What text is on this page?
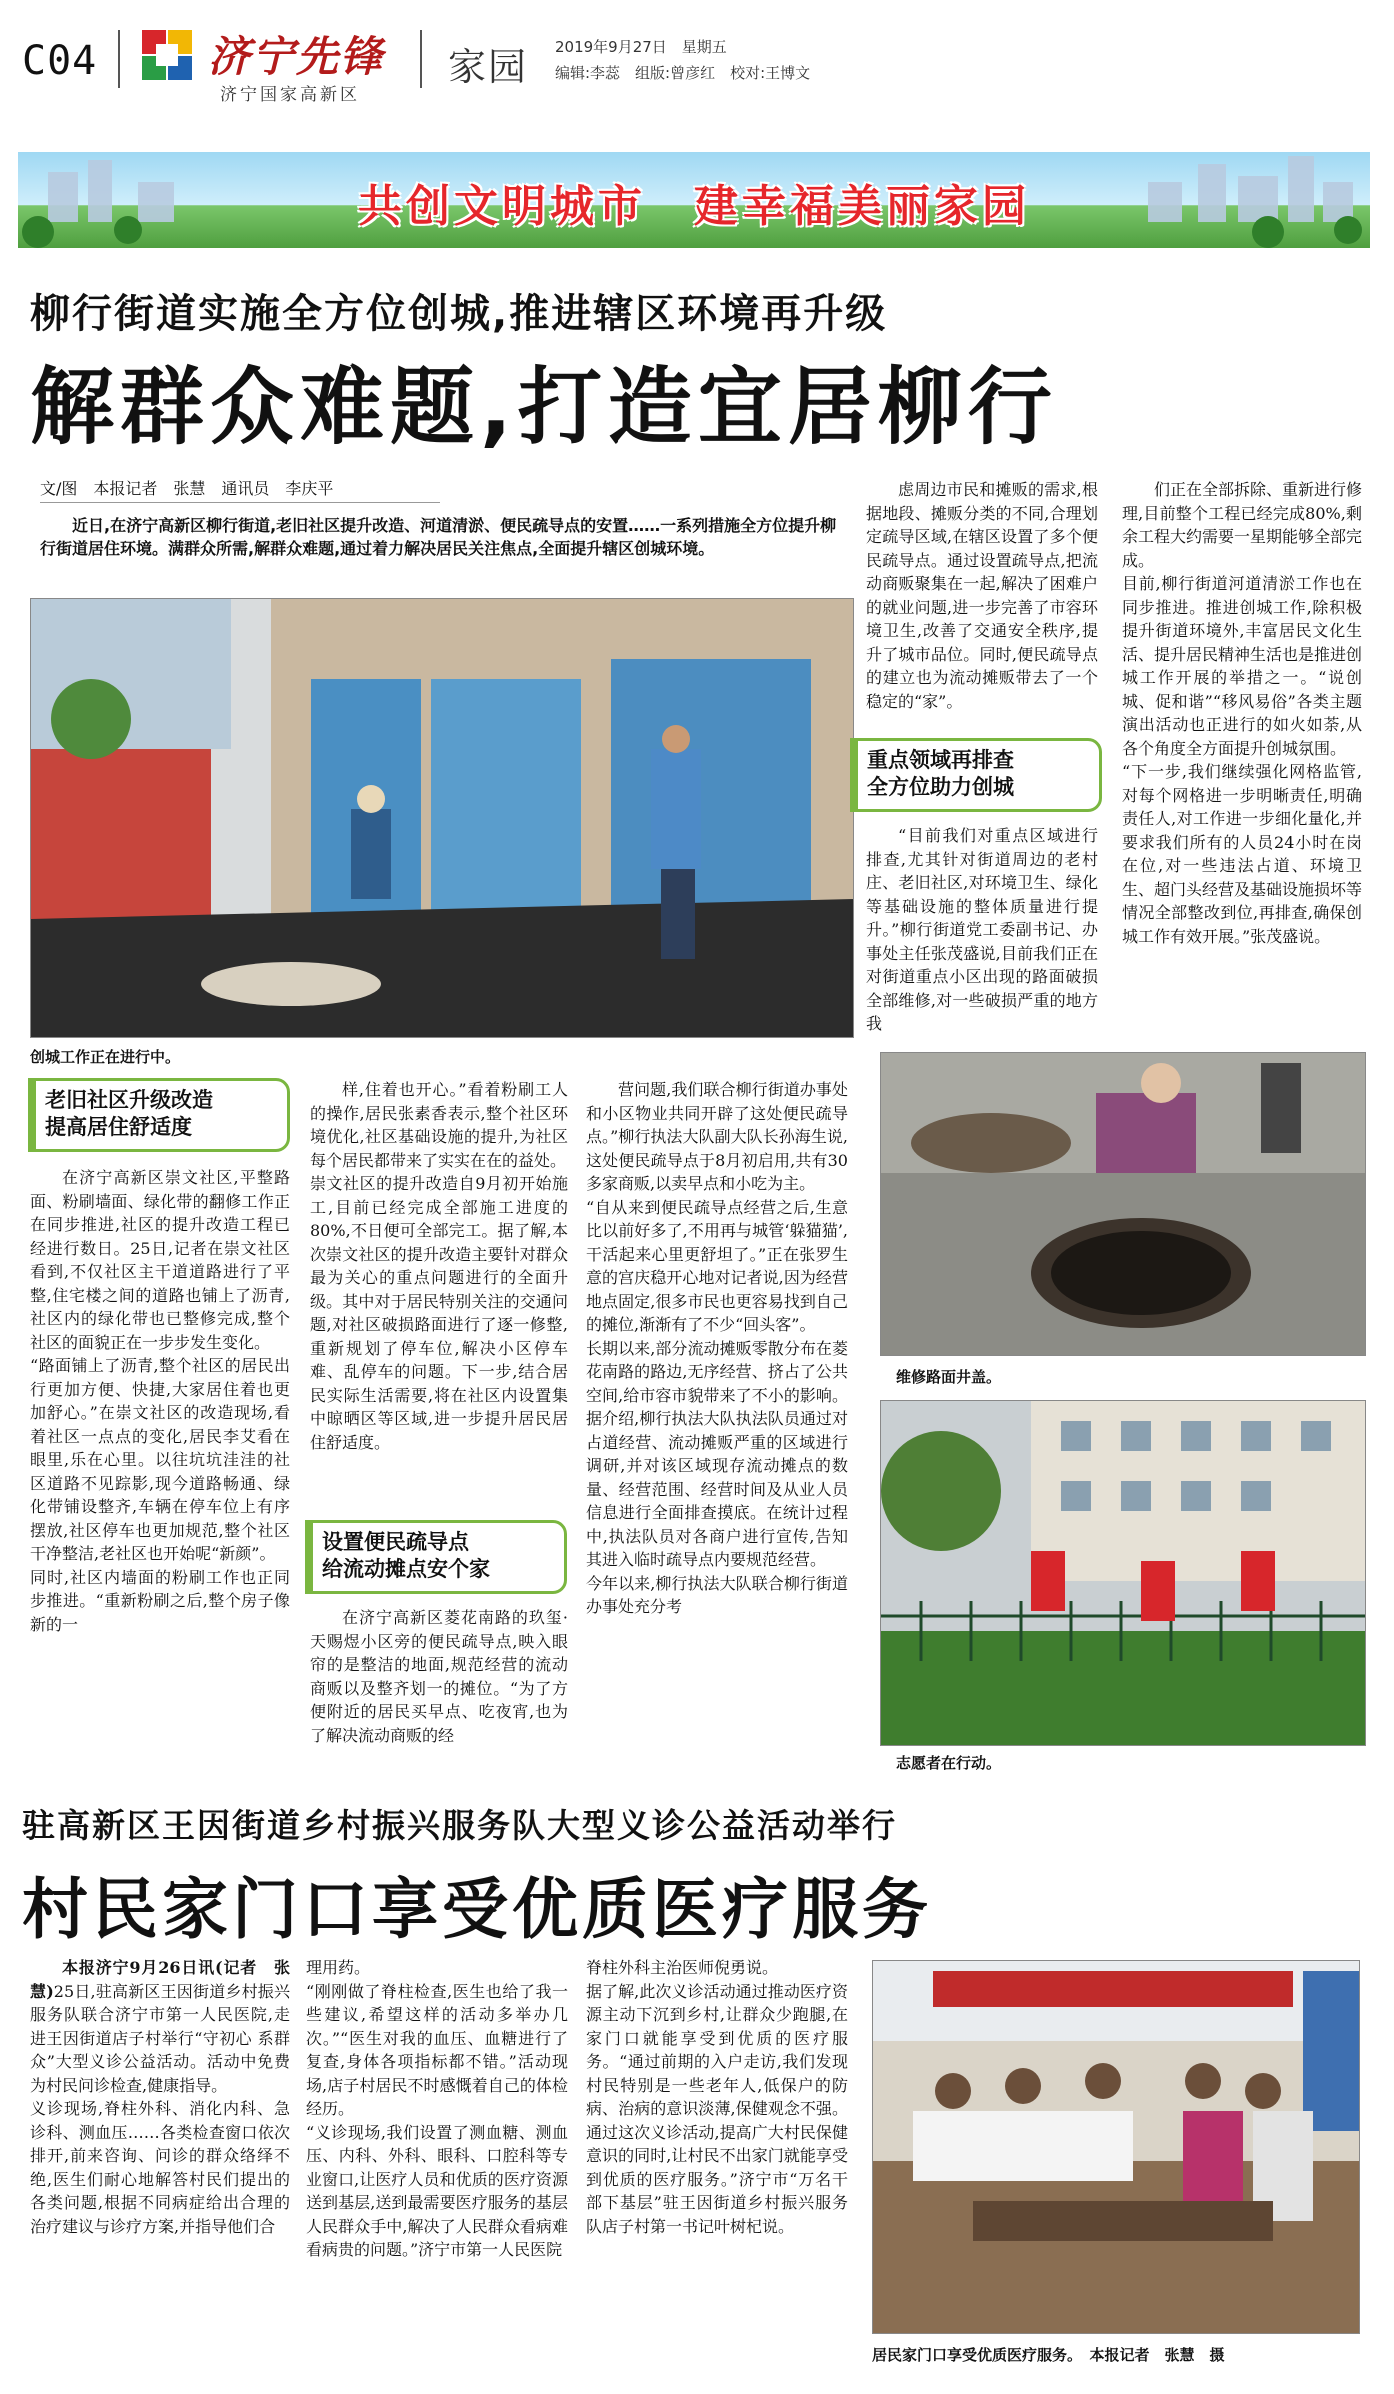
C04	济宁先锋
济宁国家高新区
家园 2019年9月27日　星期五
编辑:李蕊　组版:曾彦红　校对:王博文
共创文明城市　建幸福美丽家园
柳行街道实施全方位创城,推进辖区环境再升级
解群众难题,打造宜居柳行
文/图　本报记者　张慧　通讯员　李庆平
近日,在济宁高新区柳行街道,老旧社区提升改造、河道清淤、便民疏导点的安置……一系列措施全方位提升柳行街道居住环境。满群众所需,解群众难题,通过着力解决居民关注焦点,全面提升辖区创城环境。
创城工作正在进行中。
老旧社区升级改造
提高居住舒适度
在济宁高新区崇文社区,平整路面、粉刷墙面、绿化带的翻修工作正在同步推进,社区的提升改造工程已经进行数日。25日,记者在崇文社区看到,不仅社区主干道道路进行了平整,住宅楼之间的道路也铺上了沥青,社区内的绿化带也已整修完成,整个社区的面貌正在一步步发生变化。
“路面铺上了沥青,整个社区的居民出行更加方便、快捷,大家居住着也更加舒心。”在崇文社区的改造现场,看着社区一点点的变化,居民李艾看在眼里,乐在心里。以往坑坑洼洼的社区道路不见踪影,现今道路畅通、绿化带铺设整齐,车辆在停车位上有序摆放,社区停车也更加规范,整个社区干净整洁,老社区也开始呢“新颜”。
同时,社区内墙面的粉刷工作也正同步推进。“重新粉刷之后,整个房子像新的一
样,住着也开心。”看着粉刷工人的操作,居民张素香表示,整个社区环境优化,社区基础设施的提升,为社区每个居民都带来了实实在在的益处。
崇文社区的提升改造自9月初开始施工,目前已经完成全部施工进度的80%,不日便可全部完工。据了解,本次崇文社区的提升改造主要针对群众最为关心的重点问题进行的全面升级。其中对于居民特别关注的交通问题,对社区破损路面进行了逐一修整,重新规划了停车位,解决小区停车难、乱停车的问题。下一步,结合居民实际生活需要,将在社区内设置集中晾晒区等区域,进一步提升居民居住舒适度。
设置便民疏导点
给流动摊点安个家
在济宁高新区菱花南路的玖玺·天赐煜小区旁的便民疏导点,映入眼帘的是整洁的地面,规范经营的流动商贩以及整齐划一的摊位。“为了方便附近的居民买早点、吃夜宵,也为了解决流动商贩的经
营问题,我们联合柳行街道办事处和小区物业共同开辟了这处便民疏导点。”柳行执法大队副大队长孙海生说,这处便民疏导点于8月初启用,共有30多家商贩,以卖早点和小吃为主。
“自从来到便民疏导点经营之后,生意比以前好多了,不用再与城管‘躲猫猫’,干活起来心里更舒坦了。”正在张罗生意的宫庆稳开心地对记者说,因为经营地点固定,很多市民也更容易找到自己的摊位,渐渐有了不少“回头客”。
长期以来,部分流动摊贩零散分布在菱花南路的路边,无序经营、挤占了公共空间,给市容市貌带来了不小的影响。据介绍,柳行执法大队执法队员通过对占道经营、流动摊贩严重的区域进行调研,并对该区域现存流动摊点的数量、经营范围、经营时间及从业人员信息进行全面排查摸底。在统计过程中,执法队员对各商户进行宣传,告知其进入临时疏导点内要规范经营。
今年以来,柳行执法大队联合柳行街道办事处充分考
虑周边市民和摊贩的需求,根据地段、摊贩分类的不同,合理划定疏导区域,在辖区设置了多个便民疏导点。通过设置疏导点,把流动商贩聚集在一起,解决了困难户的就业问题,进一步完善了市容环境卫生,改善了交通安全秩序,提升了城市品位。同时,便民疏导点的建立也为流动摊贩带去了一个稳定的“家”。
重点领域再排查
全方位助力创城
“目前我们对重点区域进行排查,尤其针对街道周边的老村庄、老旧社区,对环境卫生、绿化等基础设施的整体质量进行提升。”柳行街道党工委副书记、办事处主任张茂盛说,目前我们正在对街道重点小区出现的路面破损全部维修,对一些破损严重的地方我
们正在全部拆除、重新进行修理,目前整个工程已经完成80%,剩余工程大约需要一星期能够全部完成。
目前,柳行街道河道清淤工作也在同步推进。推进创城工作,除积极提升街道环境外,丰富居民文化生活、提升居民精神生活也是推进创城工作开展的举措之一。“说创城、促和谐”“移风易俗”各类主题演出活动也正进行的如火如荼,从各个角度全方面提升创城氛围。
“下一步,我们继续强化网格监管,对每个网格进一步明晰责任,明确责任人,对工作进一步细化量化,并要求我们所有的人员24小时在岗在位,对一些违法占道、环境卫生、超门头经营及基础设施损坏等情况全部整改到位,再排查,确保创城工作有效开展。”张茂盛说。
维修路面井盖。
志愿者在行动。
驻高新区王因街道乡村振兴服务队大型义诊公益活动举行
村民家门口享受优质医疗服务
本报济宁9月26日讯(记者　张慧)25日,驻高新区王因街道乡村振兴服务队联合济宁市第一人民医院,走进王因街道店子村举行“守初心 系群众”大型义诊公益活动。活动中免费为村民问诊检查,健康指导。
义诊现场,脊柱外科、消化内科、急诊科、测血压……各类检查窗口依次排开,前来咨询、问诊的群众络绎不绝,医生们耐心地解答村民们提出的各类问题,根据不同病症给出合理的治疗建议与诊疗方案,并指导他们合
理用药。
“刚刚做了脊柱检查,医生也给了我一些建议,希望这样的活动多举办几次。”“医生对我的血压、血糖进行了复查,身体各项指标都不错。”活动现场,店子村居民不时感慨着自己的体检经历。
“义诊现场,我们设置了测血糖、测血压、内科、外科、眼科、口腔科等专业窗口,让医疗人员和优质的医疗资源送到基层,送到最需要医疗服务的基层人民群众手中,解决了人民群众看病难看病贵的问题。”济宁市第一人民医院
脊柱外科主治医师倪勇说。
据了解,此次义诊活动通过推动医疗资源主动下沉到乡村,让群众少跑腿,在家门口就能享受到优质的医疗服务。“通过前期的入户走访,我们发现村民特别是一些老年人,低保户的防病、治病的意识淡薄,保健观念不强。通过这次义诊活动,提高广大村民保健意识的同时,让村民不出家门就能享受到优质的医疗服务。”济宁市“万名干部下基层”驻王因街道乡村振兴服务队店子村第一书记叶树杞说。
居民家门口享受优质医疗服务。　本报记者　张慧　摄
